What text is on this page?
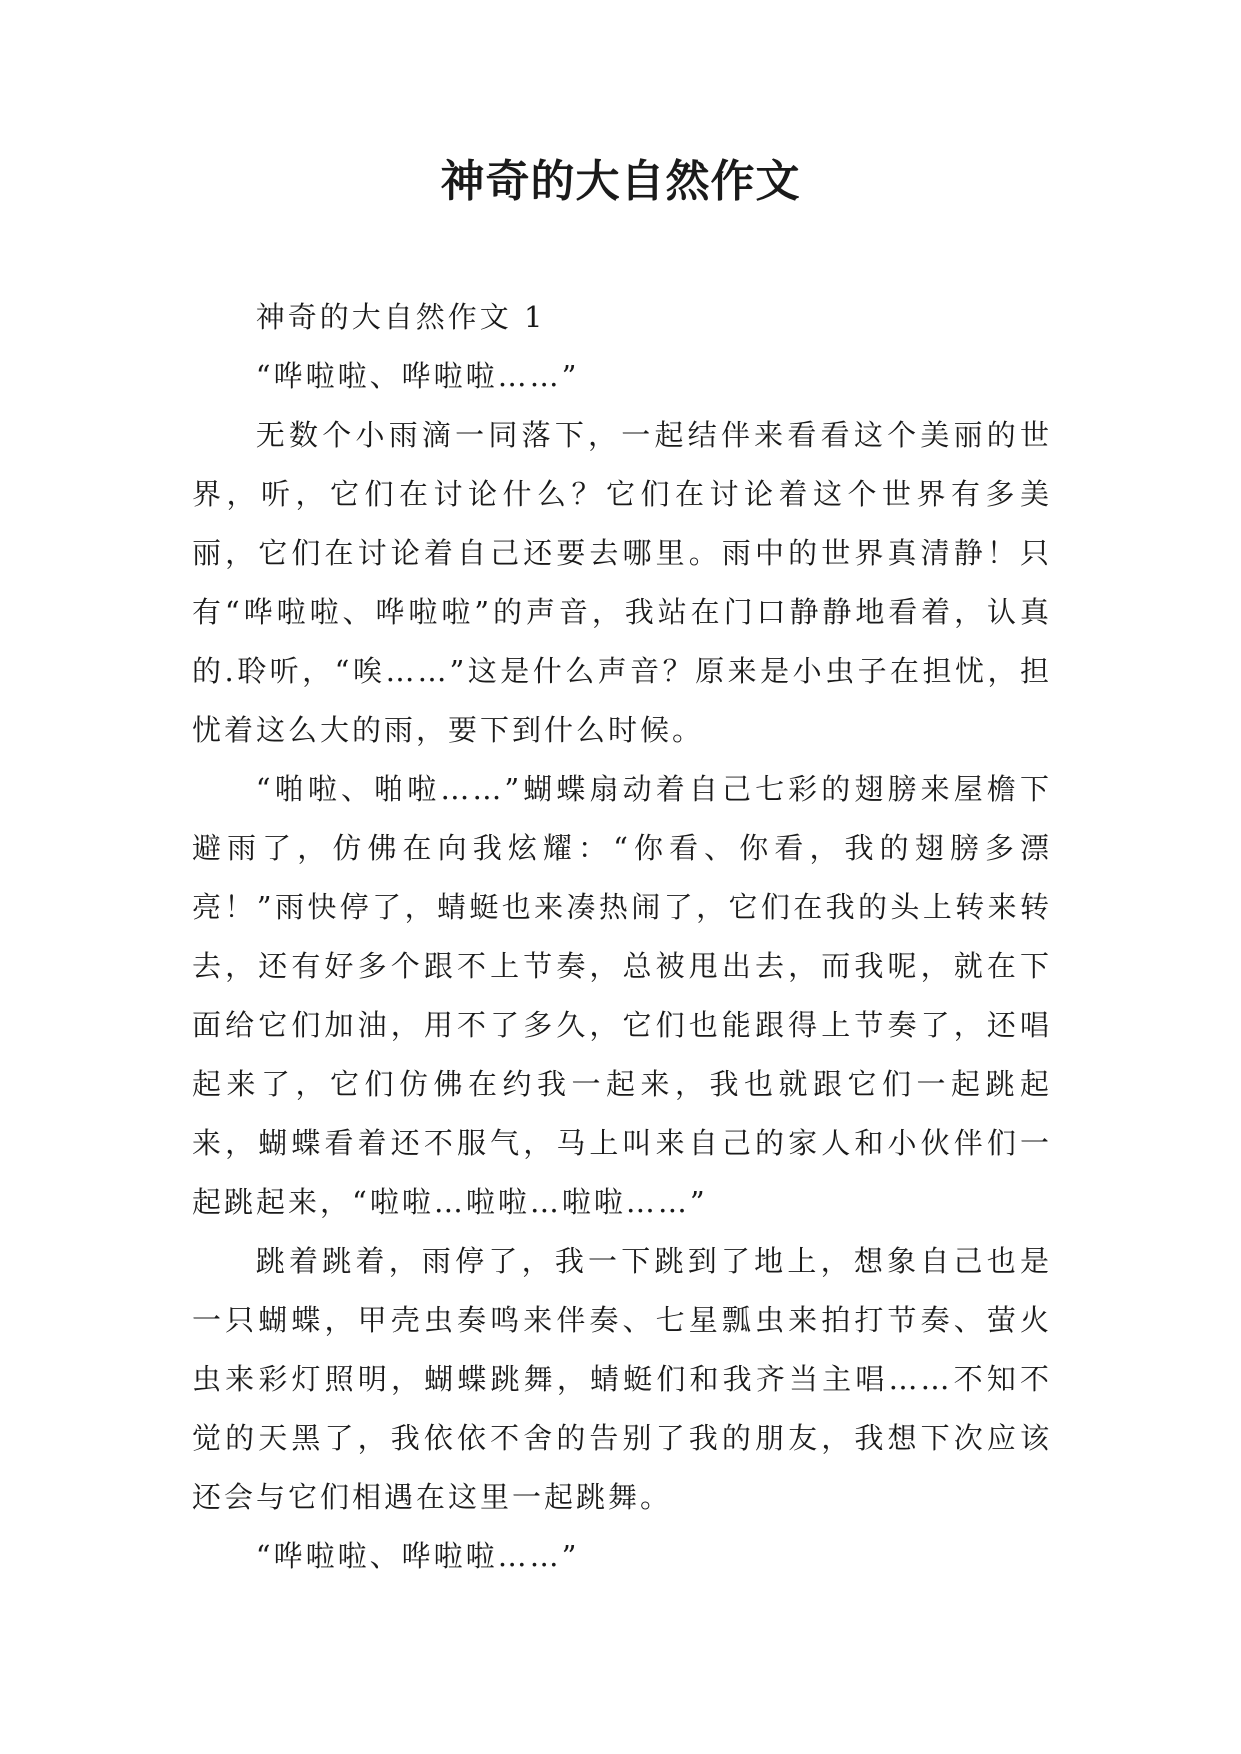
神奇的大自然作文

神奇的大自然作文 1

“哗啦啦、哗啦啦……”

无数个小雨滴一同落下，一起结伴来看看这个美丽的世界，听，它们在讨论什么？它们在讨论着这个世界有多美丽，它们在讨论着自己还要去哪里。雨中的世界真清静！只有“哗啦啦、哗啦啦”的声音，我站在门口静静地看着，认真的.聆听，“唉……”这是什么声音？原来是小虫子在担忧，担忧着这么大的雨，要下到什么时候。

“啪啦、啪啦……”蝴蝶扇动着自己七彩的翅膀来屋檐下避雨了，仿佛在向我炫耀：“你看、你看，我的翅膀多漂亮！”雨快停了，蜻蜓也来凑热闹了，它们在我的头上转来转去，还有好多个跟不上节奏，总被甩出去，而我呢，就在下面给它们加油，用不了多久，它们也能跟得上节奏了，还唱起来了，它们仿佛在约我一起来，我也就跟它们一起跳起来，蝴蝶看着还不服气，马上叫来自己的家人和小伙伴们一起跳起来，“啦啦…啦啦…啦啦……”

跳着跳着，雨停了，我一下跳到了地上，想象自己也是一只蝴蝶，甲壳虫奏鸣来伴奏、七星瓢虫来拍打节奏、萤火虫来彩灯照明，蝴蝶跳舞，蜻蜓们和我齐当主唱……不知不觉的天黑了，我依依不舍的告别了我的朋友，我想下次应该还会与它们相遇在这里一起跳舞。

“哗啦啦、哗啦啦……”
